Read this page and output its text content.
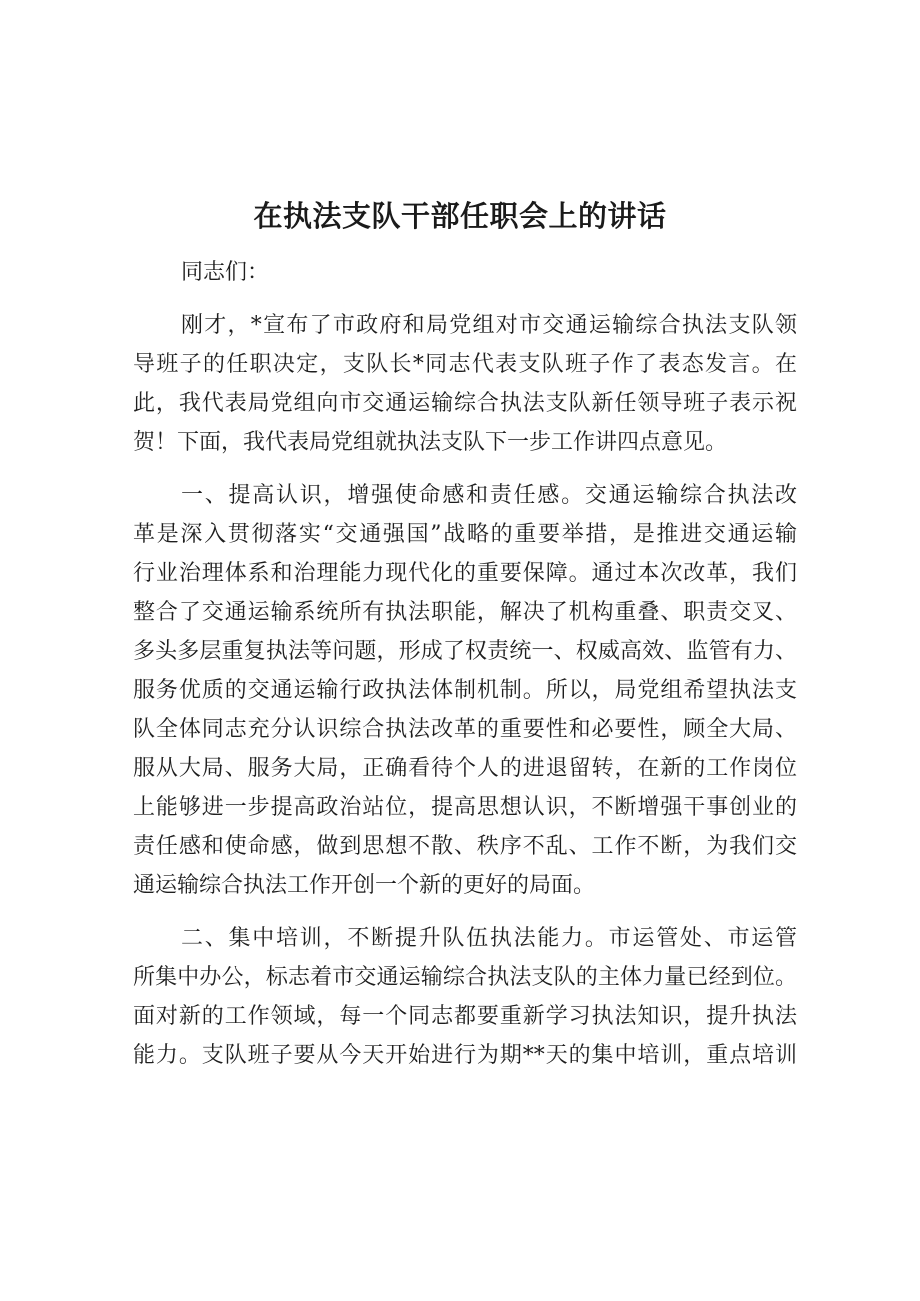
在执法支队干部任职会上的讲话
同志们：
刚才，*宣布了市政府和局党组对市交通运输综合执法支队领
导班子的任职决定，支队长*同志代表支队班子作了表态发言。在
此，我代表局党组向市交通运输综合执法支队新任领导班子表示祝
贺！下面，我代表局党组就执法支队下一步工作讲四点意见。
一、提高认识，增强使命感和责任感。交通运输综合执法改
革是深入贯彻落实“交通强国”战略的重要举措，是推进交通运输
行业治理体系和治理能力现代化的重要保障。通过本次改革，我们
整合了交通运输系统所有执法职能，解决了机构重叠、职责交叉、
多头多层重复执法等问题，形成了权责统一、权威高效、监管有力、
服务优质的交通运输行政执法体制机制。所以，局党组希望执法支
队全体同志充分认识综合执法改革的重要性和必要性，顾全大局、
服从大局、服务大局，正确看待个人的进退留转，在新的工作岗位
上能够进一步提高政治站位，提高思想认识，不断增强干事创业的
责任感和使命感，做到思想不散、秩序不乱、工作不断，为我们交
通运输综合执法工作开创一个新的更好的局面。
二、集中培训，不断提升队伍执法能力。市运管处、市运管
所集中办公，标志着市交通运输综合执法支队的主体力量已经到位。
面对新的工作领域，每一个同志都要重新学习执法知识，提升执法
能力。支队班子要从今天开始进行为期**天的集中培训，重点培训
